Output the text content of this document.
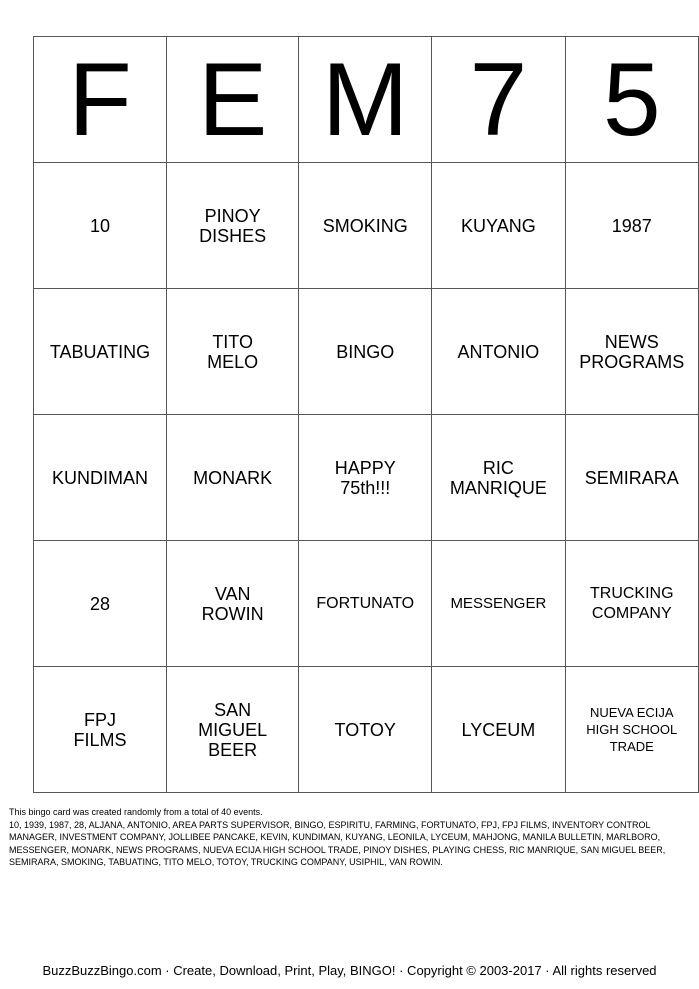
F	E	M	7	5
10	PINOY DISHES	SMOKING	KUYANG	1987
TABUATING	TITO MELO	BINGO	ANTONIO	NEWS PROGRAMS
KUNDIMAN	MONARK	HAPPY 75th!!!	RIC MANRIQUE	SEMIRARA
28	VAN ROWIN	FORTUNATO	MESSENGER	TRUCKING COMPANY
FPJ FILMS	SAN MIGUEL BEER	TOTOY	LYCEUM	NUEVA ECIJA HIGH SCHOOL TRADE
This bingo card was created randomly from a total of 40 events.
10, 1939, 1987, 28, ALJANA, ANTONIO, AREA PARTS SUPERVISOR, BINGO, ESPIRITU, FARMING, FORTUNATO, FPJ, FPJ FILMS, INVENTORY CONTROL MANAGER, INVESTMENT COMPANY, JOLLIBEE PANCAKE, KEVIN, KUNDIMAN, KUYANG, LEONILA, LYCEUM, MAHJONG, MANILA BULLETIN, MARLBORO, MESSENGER, MONARK, NEWS PROGRAMS, NUEVA ECIJA HIGH SCHOOL TRADE, PINOY DISHES, PLAYING CHESS, RIC MANRIQUE, SAN MIGUEL BEER, SEMIRARA, SMOKING, TABUATING, TITO MELO, TOTOY, TRUCKING COMPANY, USIPHIL, VAN ROWIN.
BuzzBuzzBingo.com · Create, Download, Print, Play, BINGO! · Copyright © 2003-2017 · All rights reserved
